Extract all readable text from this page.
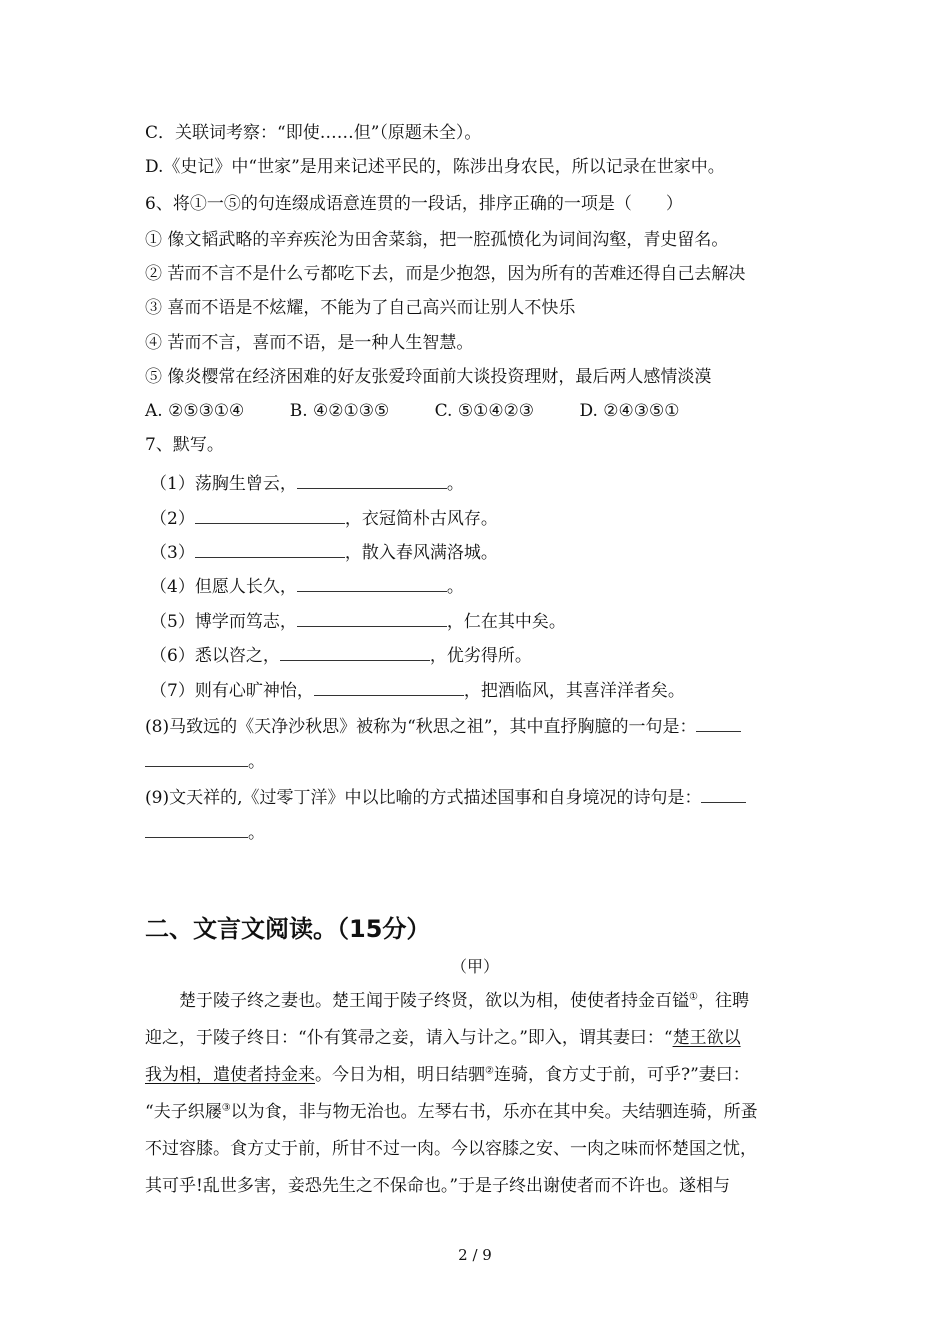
C．关联词考察：“即使……但”（原题未全）。
D.《史记》中“世家”是用来记述平民的，陈涉出身农民，所以记录在世家中。
6、将①一⑤的句连缀成语意连贯的一段话，排序正确的一项是（　　）
① 像文韬武略的辛弃疾沦为田舍菜翁，把一腔孤愤化为词间沟壑，青史留名。
② 苦而不言不是什么亏都吃下去，而是少抱怨，因为所有的苦难还得自己去解决
③ 喜而不语是不炫耀，不能为了自己高兴而让别人不快乐
④ 苦而不言，喜而不语，是一种人生智慧。
⑤ 像炎樱常在经济困难的好友张爱玲面前大谈投资理财，最后两人感情淡漠
A. ②⑤③①④	B. ④②①③⑤	C. ⑤①④②③	D. ②④③⑤①
7、默写。
（1）荡胸生曾云，	。
（2）	，衣冠简朴古风存。
（3）	，散入春风满洛城。
（4）但愿人长久，	。
（5）博学而笃志，	，仁在其中矣。
（6）悉以咨之，	，优劣得所。
（7）则有心旷神怡，	，把酒临风，其喜洋洋者矣。
(8)马致远的《天净沙秋思》被称为“秋思之祖”，其中直抒胸臆的一句是：
。
(9)文天祥的,《过零丁洋》中以比喻的方式描述国事和自身境况的诗句是：
。
二、文言文阅读。（15分）
（甲）
楚于陵子终之妻也。楚王闻于陵子终贤，欲以为相，使使者持金百镒①，往聘
迎之，于陵子终日：“仆有箕帚之妾，请入与计之。”即入，谓其妻曰：“楚王欲以
我为相，遣使者持金来。今日为相，明日结驷②连骑，食方丈于前，可乎?”妻曰：
“夫子织屦③以为食，非与物无治也。左琴右书，乐亦在其中矣。夫结驷连骑，所蚤
不过容膝。食方丈于前，所甘不过一肉。今以容膝之安、一肉之味而怀楚国之忧，
其可乎!乱世多害，妾恐先生之不保命也。”于是子终出谢使者而不许也。遂相与
2 / 9
